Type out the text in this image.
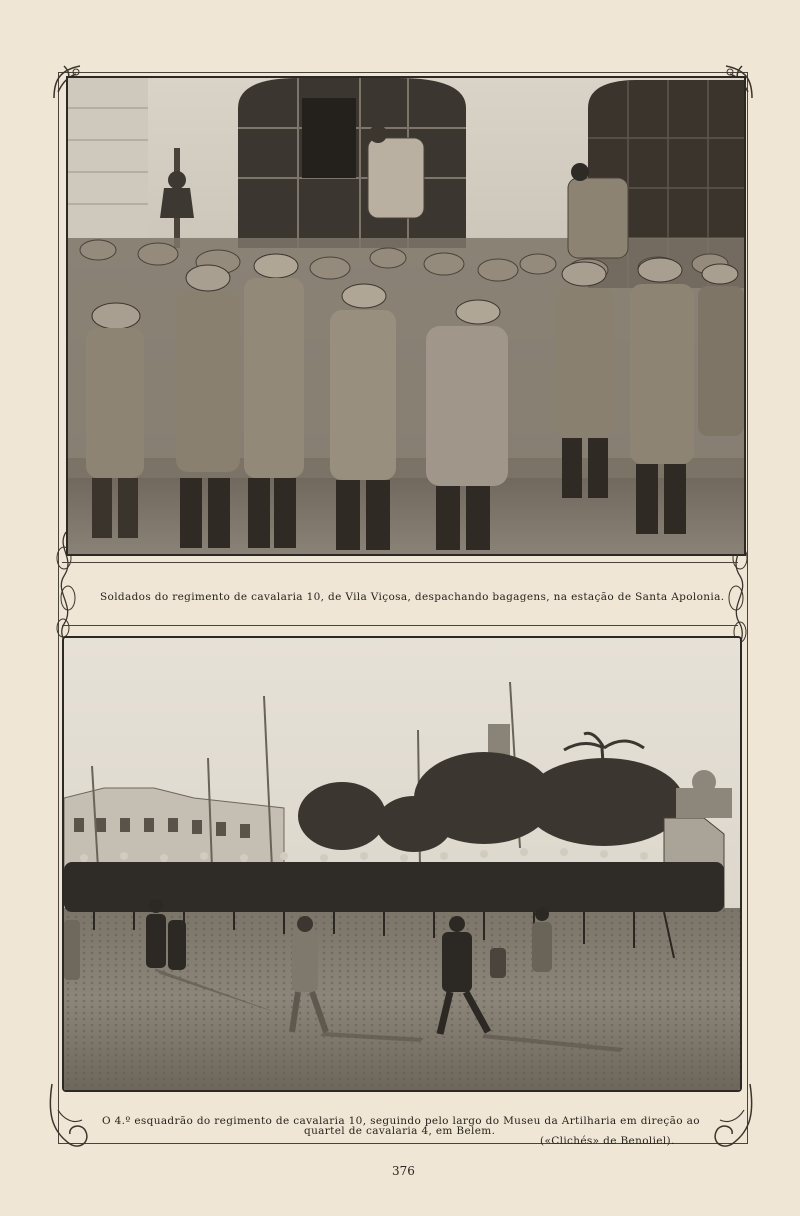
Soldados do regimento de cavalaria 10, de Vila Viçosa, despachando bagagens, na estação de Santa Apolonia.
O 4.º esquadrão do regimento de cavalaria 10, seguindo pelo largo do Museu da Artilharia em direção ao
quartel de cavalaria 4, em Belem.
(«Clichés» de Benoliel).
376
